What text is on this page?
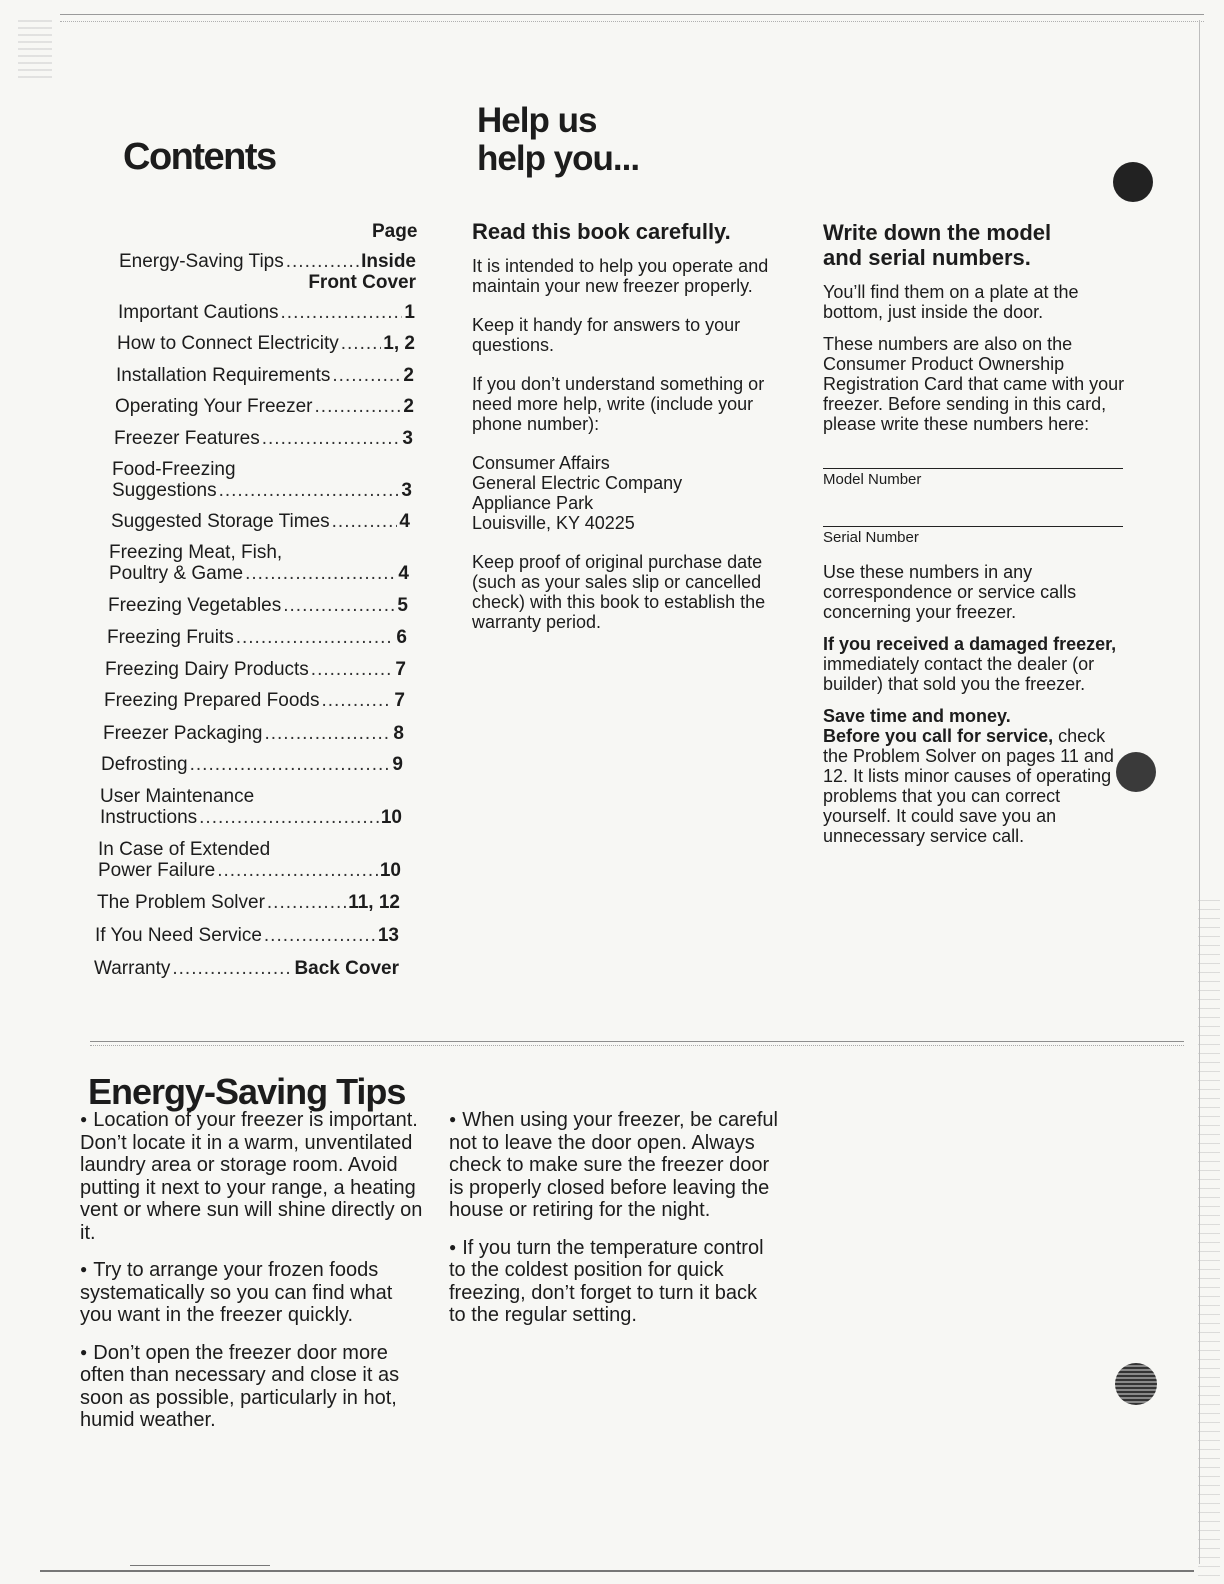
Contents
Page
Energy-Saving Tips .....	Inside
Front Cover
Important Cautions .....	1
How to Connect Electricity ..... 1, 2
Installation Requirements .....	2
Operating Your Freezer .....	2
Freezer Features .....	3
Food-Freezing
Suggestions .....	3
Suggested Storage Times .....	4
Freezing Meat, Fish,
Poultry & Game .....	4
Freezing Vegetables .....	5
Freezing Fruits .....	6
Freezing Dairy Products .....	7
Freezing Prepared Foods .....	7
Freezer Packaging .....	8
Defrosting .....	9
User Maintenance
Instructions .....	10
In Case of Extended
Power Failure .....	10
The Problem Solver .....	11, 12
If You Need Service .....	13
Warranty .....	Back Cover
Help us
help you...
Read this book carefully.

It is intended to help you operate and maintain your new freezer properly.

Keep it handy for answers to your questions.

If you don’t understand something or need more help, write (include your phone number):

Consumer Affairs
General Electric Company
Appliance Park
Louisville, KY 40225

Keep proof of original purchase date (such as your sales slip or cancelled check) with this book to establish the warranty period.

Write down the model
and serial numbers.

You’ll find them on a plate at the bottom, just inside the door.

These numbers are also on the Consumer Product Ownership Registration Card that came with your freezer. Before sending in this card, please write these numbers here:

Model Number
Serial Number

Use these numbers in any correspondence or service calls concerning your freezer.

If you received a damaged freezer, immediately contact the dealer (or builder) that sold you the freezer.

Save time and money.
Before you call for service, check the Problem Solver on pages 11 and 12. It lists minor causes of operating problems that you can correct yourself. It could save you an unnecessary service call.

Energy-Saving Tips

● Location of your freezer is important. Don’t locate it in a warm, unventilated laundry area or storage room. Avoid putting it next to your range, a heating vent or where sun will shine directly on it.

● Try to arrange your frozen foods systematically so you can find what you want in the freezer quickly.

● Don’t open the freezer door more often than necessary and close it as soon as possible, particularly in hot, humid weather.

● When using your freezer, be careful not to leave the door open. Always check to make sure the freezer door is properly closed before leaving the house or retiring for the night.

● If you turn the temperature control to the coldest position for quick freezing, don’t forget to turn it back to the regular setting.
